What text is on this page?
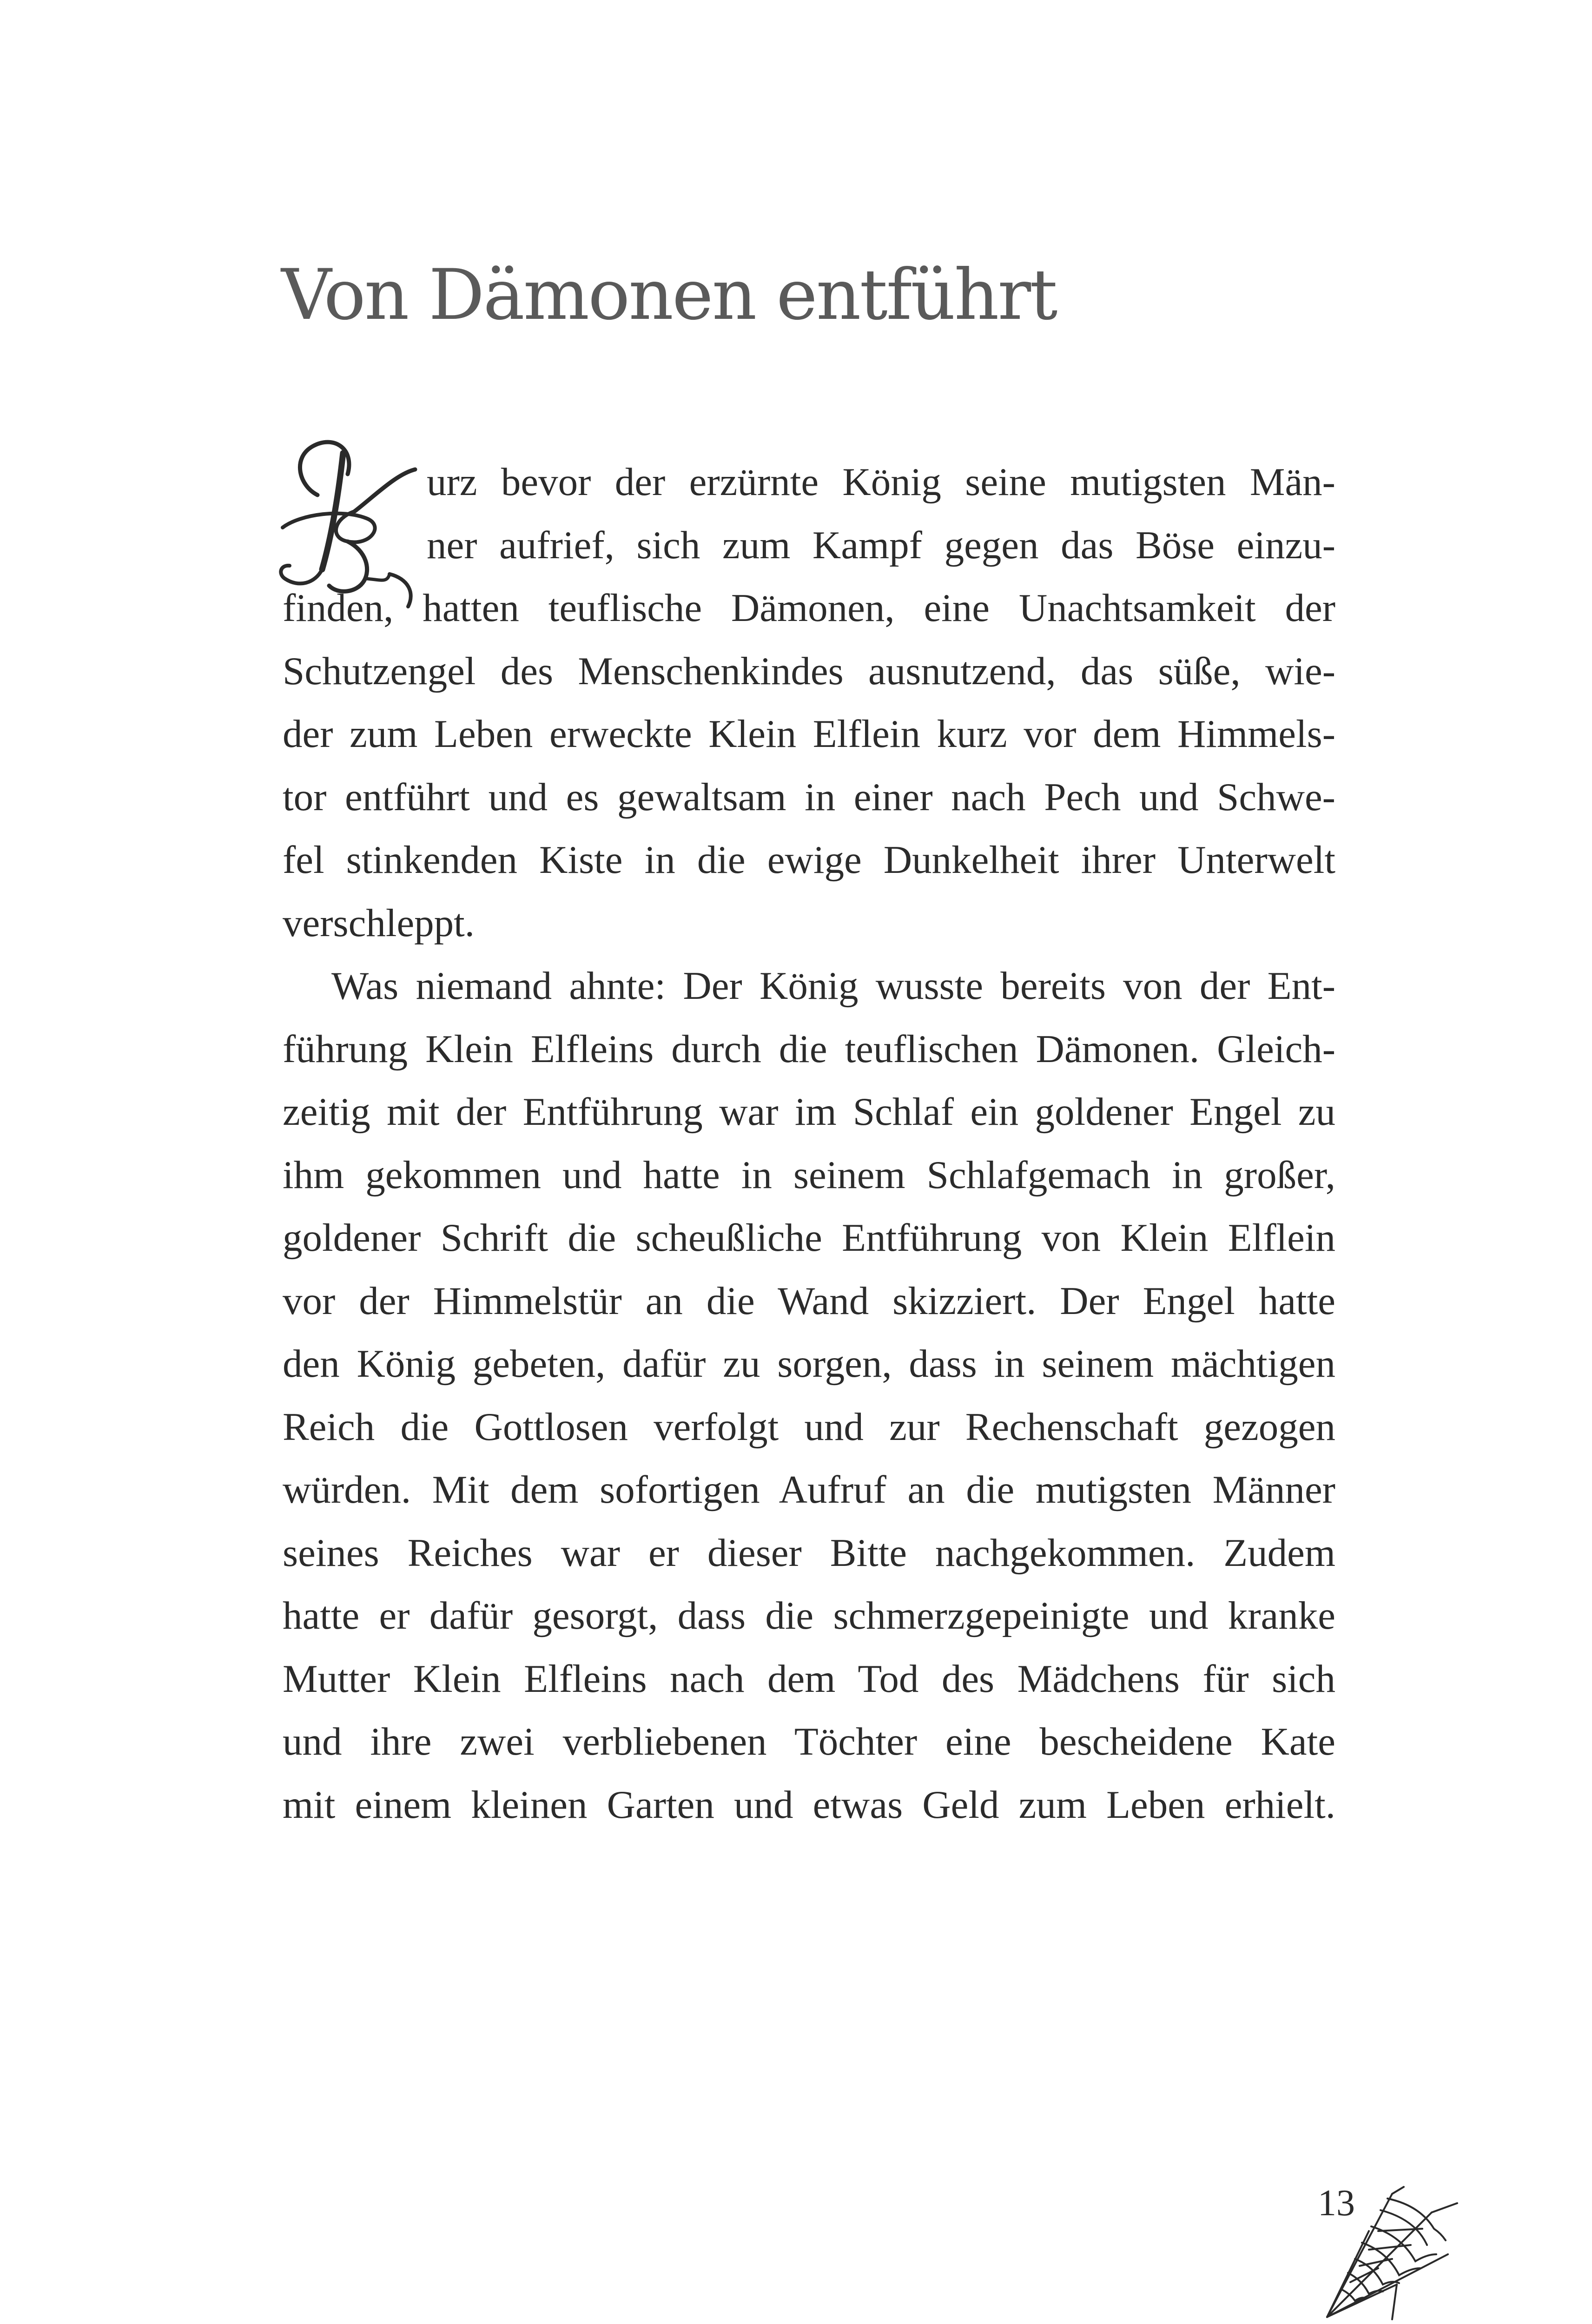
Von Dämonen entführt
urz bevor der erzürnte König seine mutigsten Män-
ner aufrief, sich zum Kampf gegen das Böse einzu-
finden, hatten teuflische Dämonen, eine Unachtsamkeit der
Schutzengel des Menschenkindes ausnutzend, das süße, wie-
der zum Leben erweckte Klein Elflein kurz vor dem Himmels-
tor entführt und es gewaltsam in einer nach Pech und Schwe-
fel stinkenden Kiste in die ewige Dunkelheit ihrer Unterwelt
verschleppt.
Was niemand ahnte: Der König wusste bereits von der Ent-
führung Klein Elfleins durch die teuflischen Dämonen. Gleich-
zeitig mit der Entführung war im Schlaf ein goldener Engel zu
ihm gekommen und hatte in seinem Schlafgemach in großer,
goldener Schrift die scheußliche Entführung von Klein Elflein
vor der Himmelstür an die Wand skizziert. Der Engel hatte
den König gebeten, dafür zu sorgen, dass in seinem mächtigen
Reich die Gottlosen verfolgt und zur Rechenschaft gezogen
würden. Mit dem sofortigen Aufruf an die mutigsten Männer
seines Reiches war er dieser Bitte nachgekommen. Zudem
hatte er dafür gesorgt, dass die schmerzgepeinigte und kranke
Mutter Klein Elfleins nach dem Tod des Mädchens für sich
und ihre zwei verbliebenen Töchter eine bescheidene Kate
mit einem kleinen Garten und etwas Geld zum Leben erhielt.
13
